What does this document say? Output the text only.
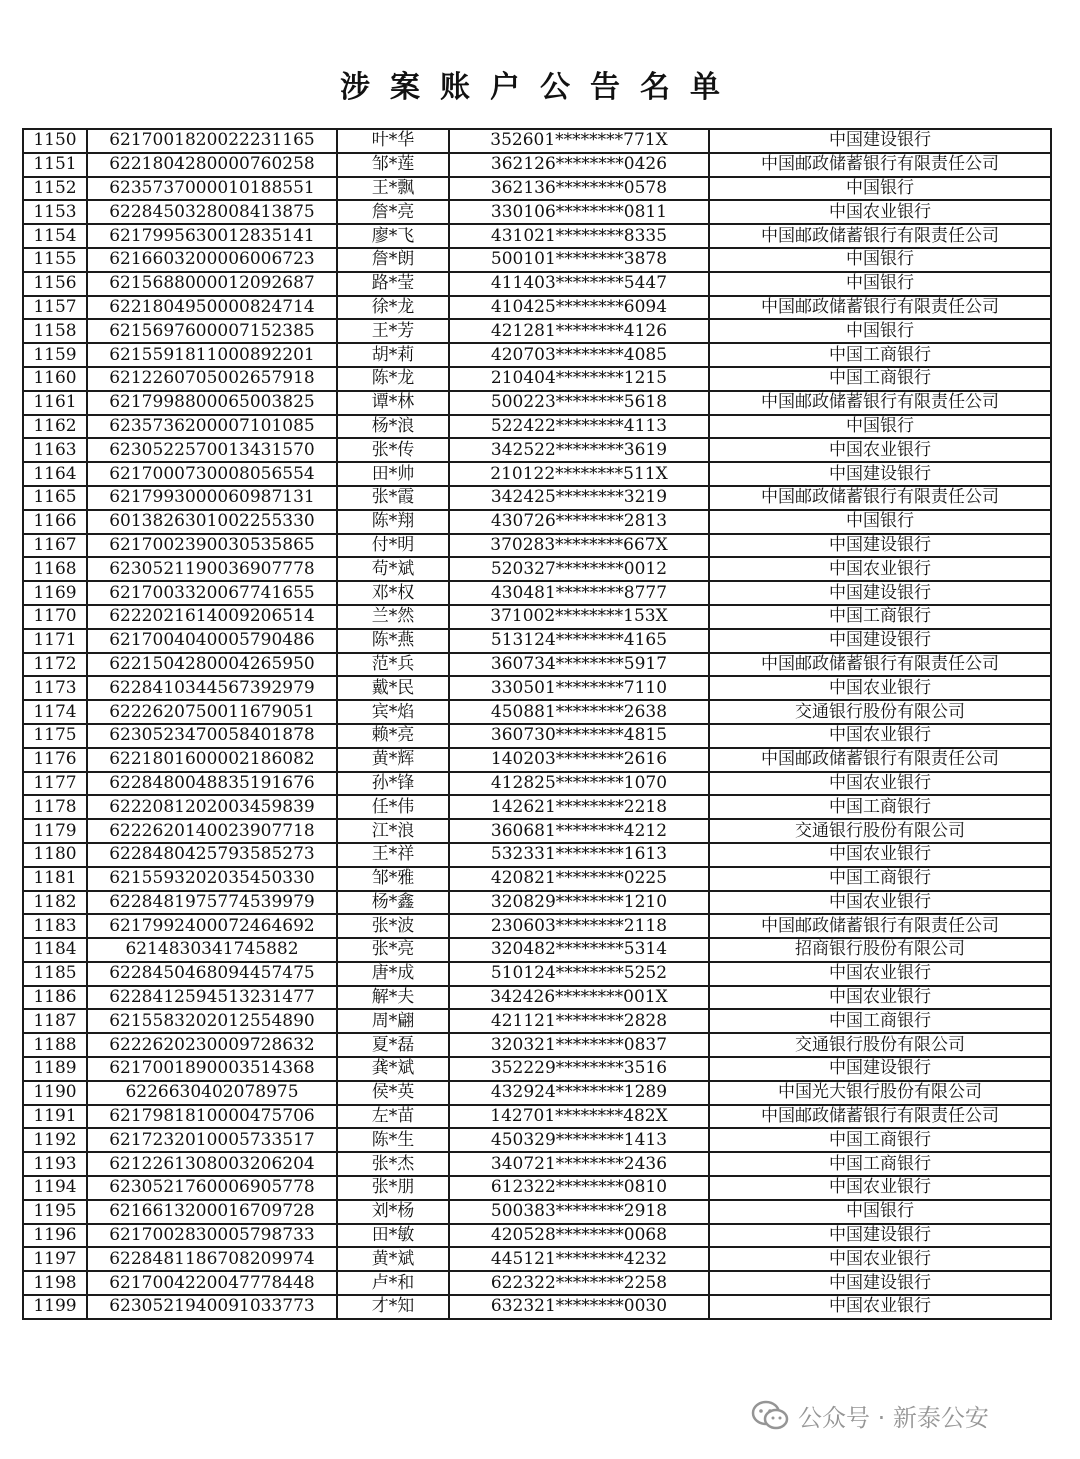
涉案账户公告名单
1150	6217001820022231165	叶*华	352601********771X	中国建设银行
1151	6221804280000760258	邹*莲	362126********0426	中国邮政储蓄银行有限责任公司
1152	6235737000010188551	王*飘	362136********0578	中国银行
1153	6228450328008413875	詹*亮	330106********0811	中国农业银行
1154	6217995630012835141	廖*飞	431021********8335	中国邮政储蓄银行有限责任公司
1155	6216603200006006723	詹*朗	500101********3878	中国银行
1156	6215688000012092687	路*莹	411403********5447	中国银行
1157	6221804950000824714	徐*龙	410425********6094	中国邮政储蓄银行有限责任公司
1158	6215697600007152385	王*芳	421281********4126	中国银行
1159	6215591811000892201	胡*莉	420703********4085	中国工商银行
1160	6212260705002657918	陈*龙	210404********1215	中国工商银行
1161	6217998800065003825	谭*林	500223********5618	中国邮政储蓄银行有限责任公司
1162	6235736200007101085	杨*浪	522422********4113	中国银行
1163	6230522570013431570	张*传	342522********3619	中国农业银行
1164	6217000730008056554	田*帅	210122********511X	中国建设银行
1165	6217993000060987131	张*霞	342425********3219	中国邮政储蓄银行有限责任公司
1166	6013826301002255330	陈*翔	430726********2813	中国银行
1167	6217002390030535865	付*明	370283********667X	中国建设银行
1168	6230521190036907778	苟*斌	520327********0012	中国农业银行
1169	6217003320067741655	邓*权	430481********8777	中国建设银行
1170	6222021614009206514	兰*然	371002********153X	中国工商银行
1171	6217004040005790486	陈*燕	513124********4165	中国建设银行
1172	6221504280004265950	范*兵	360734********5917	中国邮政储蓄银行有限责任公司
1173	6228410344567392979	戴*民	330501********7110	中国农业银行
1174	6222620750011679051	宾*焰	450881********2638	交通银行股份有限公司
1175	6230523470058401878	赖*亮	360730********4815	中国农业银行
1176	6221801600002186082	黄*辉	140203********2616	中国邮政储蓄银行有限责任公司
1177	6228480048835191676	孙*锋	412825********1070	中国农业银行
1178	6222081202003459839	任*伟	142621********2218	中国工商银行
1179	6222620140023907718	江*浪	360681********4212	交通银行股份有限公司
1180	6228480425793585273	王*祥	532331********1613	中国农业银行
1181	6215593202035450330	邹*雅	420821********0225	中国工商银行
1182	6228481975774539979	杨*鑫	320829********1210	中国农业银行
1183	6217992400072464692	张*波	230603********2118	中国邮政储蓄银行有限责任公司
1184	6214830341745882	张*亮	320482********5314	招商银行股份有限公司
1185	6228450468094457475	唐*成	510124********5252	中国农业银行
1186	6228412594513231477	解*夫	342426********001X	中国农业银行
1187	6215583202012554890	周*翩	421121********2828	中国工商银行
1188	6222620230009728632	夏*磊	320321********0837	交通银行股份有限公司
1189	6217001890003514368	龚*斌	352229********3516	中国建设银行
1190	6226630402078975	侯*英	432924********1289	中国光大银行股份有限公司
1191	6217981810000475706	左*苗	142701********482X	中国邮政储蓄银行有限责任公司
1192	6217232010005733517	陈*生	450329********1413	中国工商银行
1193	6212261308003206204	张*杰	340721********2436	中国工商银行
1194	6230521760006905778	张*朋	612322********0810	中国农业银行
1195	6216613200016709728	刘*杨	500383********2918	中国银行
1196	6217002830005798733	田*敏	420528********0068	中国建设银行
1197	6228481186708209974	黄*斌	445121********4232	中国农业银行
1198	6217004220047778448	卢*和	622322********2258	中国建设银行
1199	6230521940091033773	才*知	632321********0030	中国农业银行
公众号 · 新泰公安
